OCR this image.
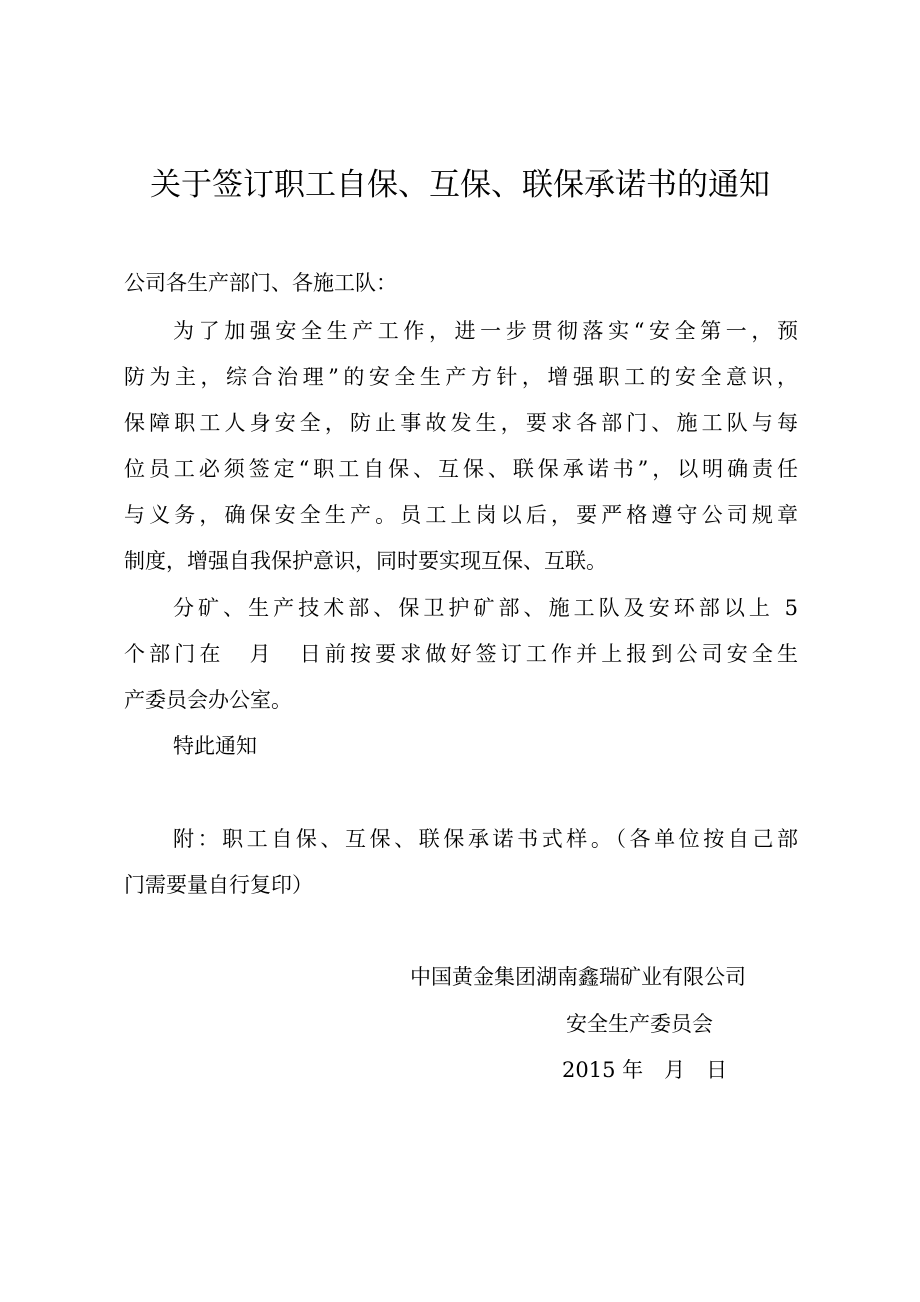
关于签订职工自保、互保、联保承诺书的通知
公司各生产部门、各施工队：
为了加强安全生产工作，进一步贯彻落实“安全第一，预
防为主，综合治理”的安全生产方针，增强职工的安全意识，
保障职工人身安全，防止事故发生，要求各部门、施工队与每
位员工必须签定“职工自保、互保、联保承诺书”，以明确责任
与义务，确保安全生产。员工上岗以后，要严格遵守公司规章
制度，增强自我保护意识，同时要实现互保、互联。
分矿、生产技术部、保卫护矿部、施工队及安环部以上 5
个部门在　月　日前按要求做好签订工作并上报到公司安全生
产委员会办公室。
特此通知
附：职工自保、互保、联保承诺书式样。（各单位按自己部
门需要量自行复印）
中国黄金集团湖南鑫瑞矿业有限公司
安全生产委员会
2015 年　月　日
